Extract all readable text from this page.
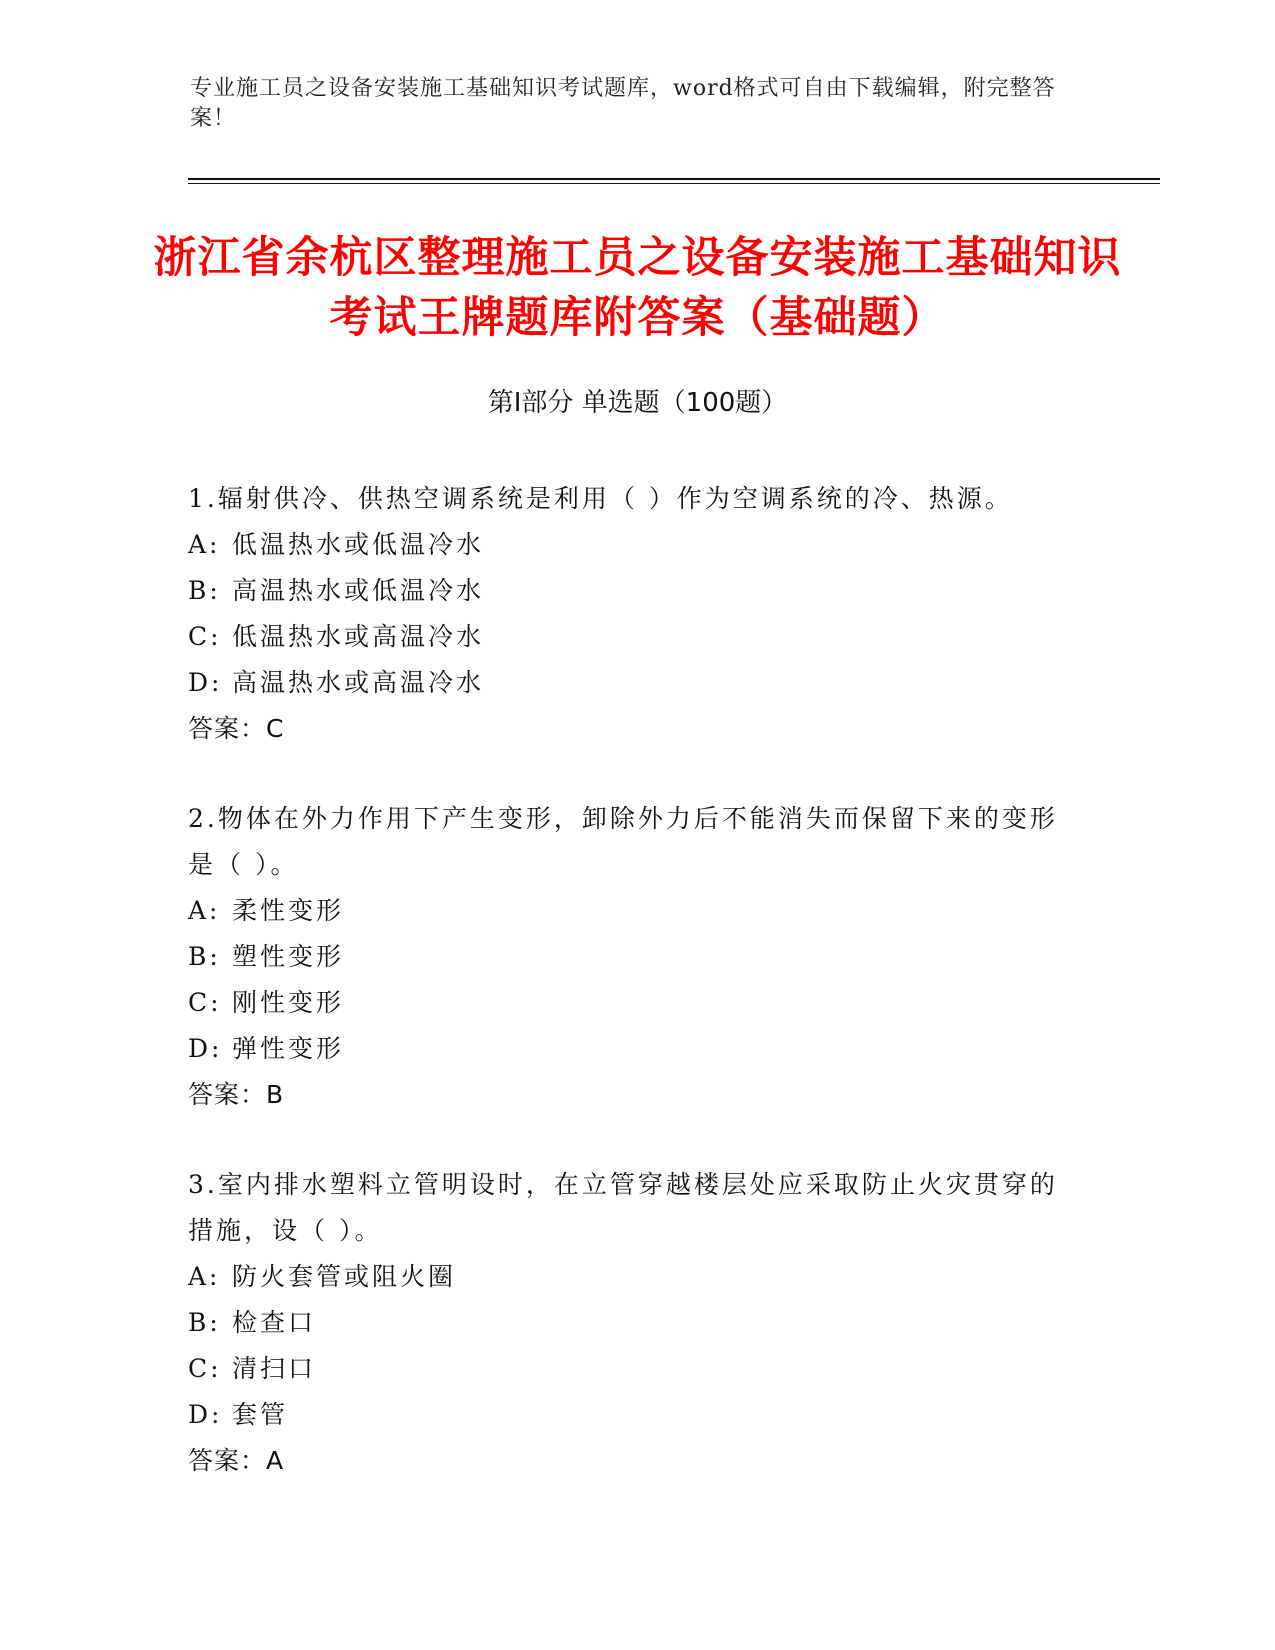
专业施工员之设备安装施工基础知识考试题库，word格式可自由下载编辑，附完整答案！
浙江省余杭区整理施工员之设备安装施工基础知识考试王牌题库附答案（基础题）
第Ⅰ部分 单选题（100题）
1.辐射供冷、供热空调系统是利用（ ）作为空调系统的冷、热源。
A: 低温热水或低温冷水
B: 高温热水或低温冷水
C: 低温热水或高温冷水
D: 高温热水或高温冷水
答案：C
2.物体在外力作用下产生变形，卸除外力后不能消失而保留下来的变形是（ ）。
A: 柔性变形
B: 塑性变形
C: 刚性变形
D: 弹性变形
答案：B
3.室内排水塑料立管明设时，在立管穿越楼层处应采取防止火灾贯穿的措施，设（ ）。
A: 防火套管或阻火圈
B: 检查口
C: 清扫口
D: 套管
答案：A
